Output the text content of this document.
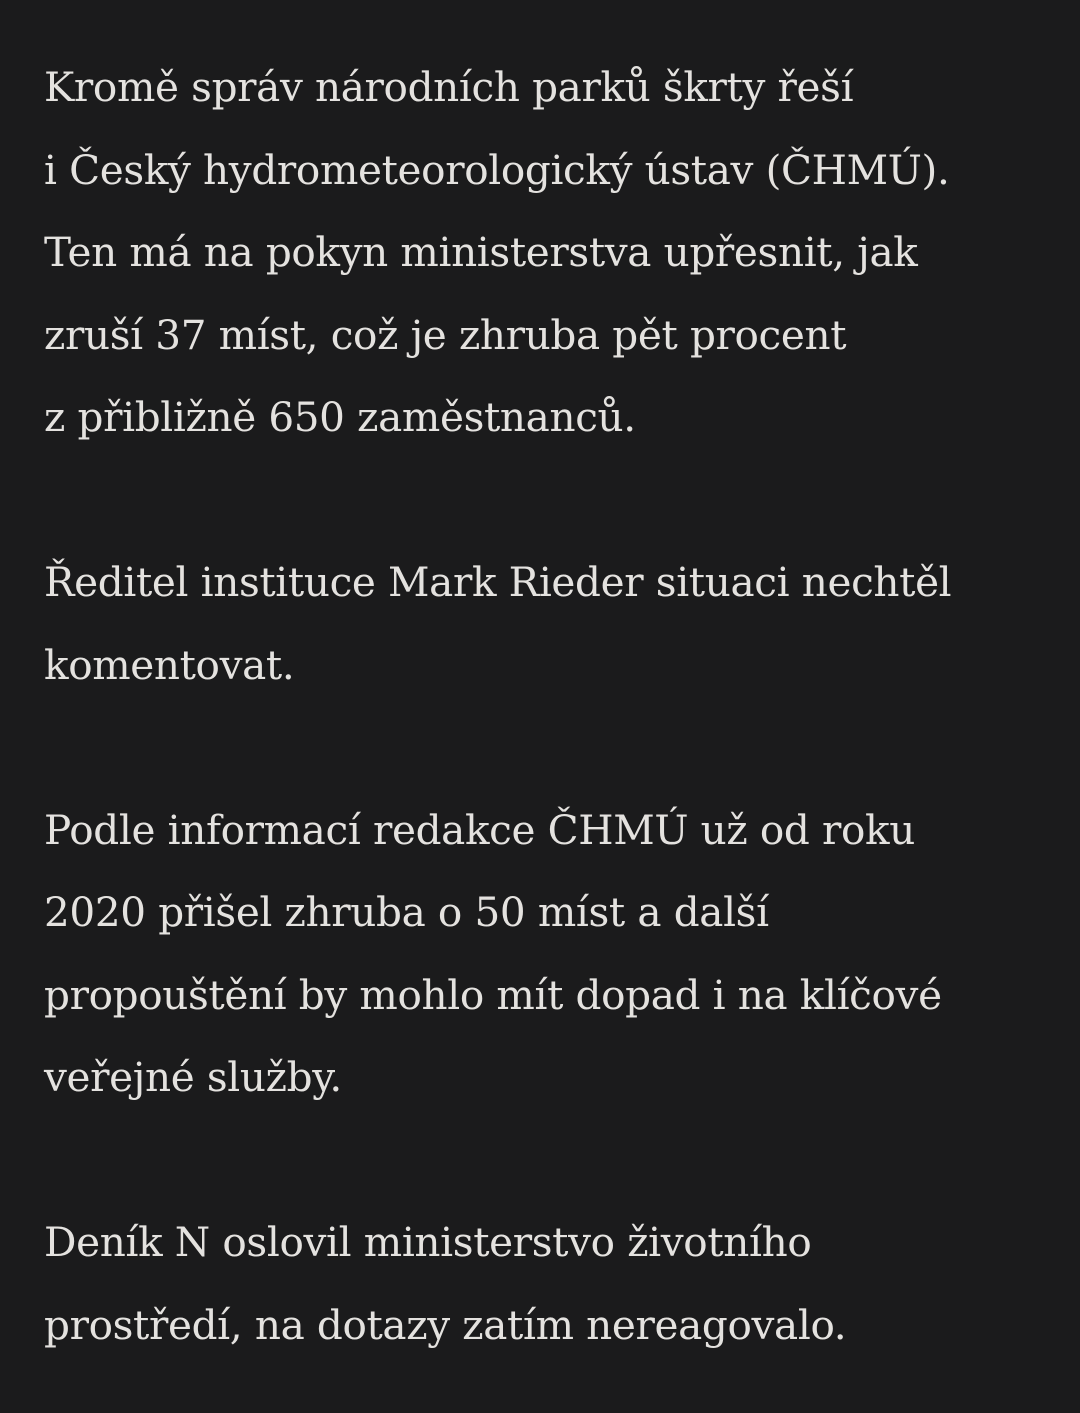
Kromě správ národních parků škrty řeší
i Český hydrometeorologický ústav (ČHMÚ).
Ten má na pokyn ministerstva upřesnit, jak
zruší 37 míst, což je zhruba pět procent
z přibližně 650 zaměstnanců.

Ředitel instituce Mark Rieder situaci nechtěl
komentovat.

Podle informací redakce ČHMÚ už od roku
2020 přišel zhruba o 50 míst a další
propouštění by mohlo mít dopad i na klíčové
veřejné služby.

Deník N oslovil ministerstvo životního
prostředí, na dotazy zatím nereagovalo.
